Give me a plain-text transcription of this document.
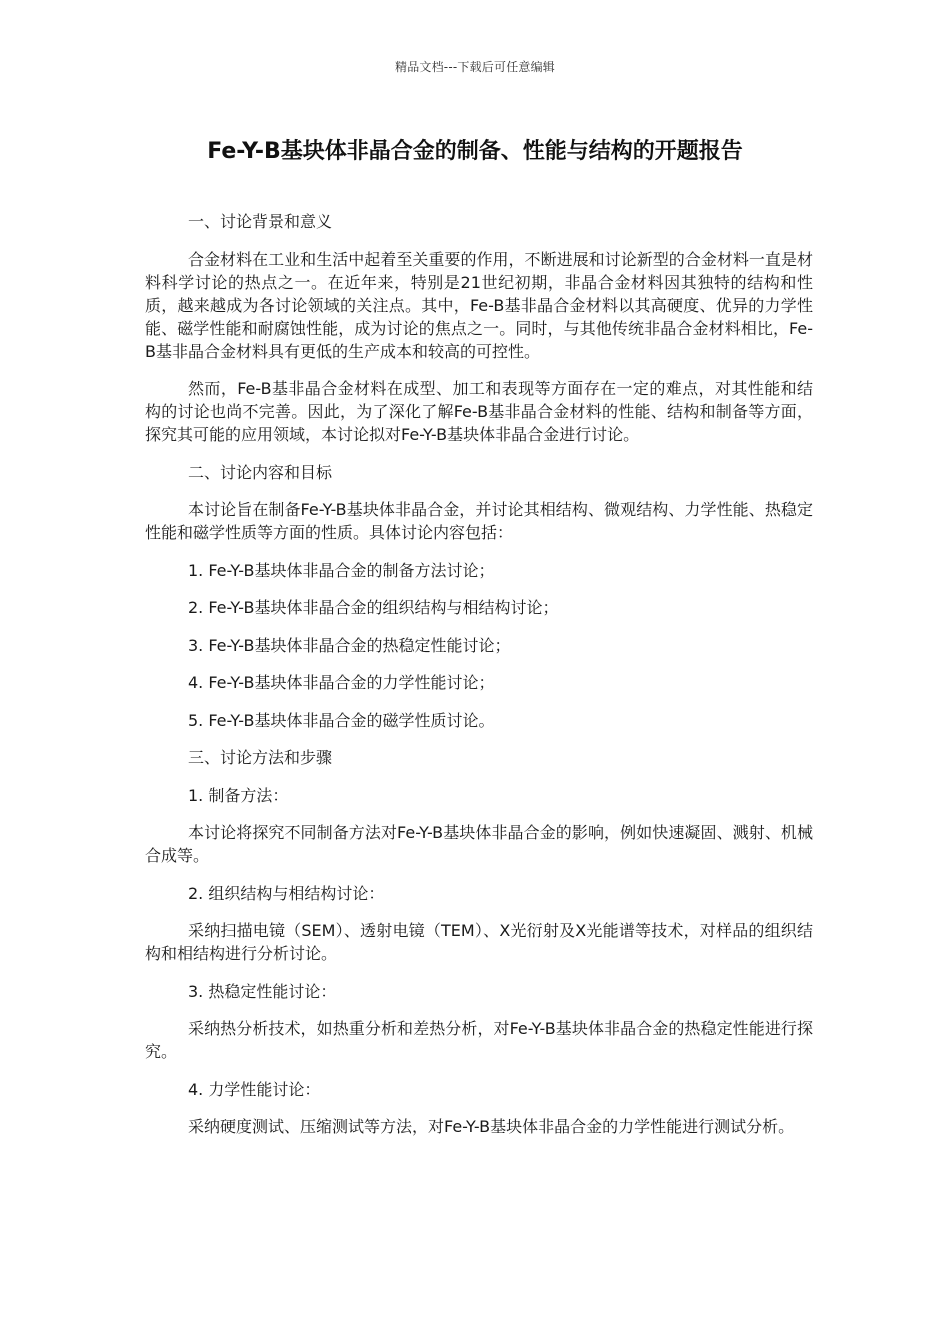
精品文档---下载后可任意编辑
Fe-Y-B基块体非晶合金的制备、性能与结构的开题报告

一、讨论背景和意义

合金材料在工业和生活中起着至关重要的作用，不断进展和讨论新型的合金材料一直是材料科学讨论的热点之一。在近年来，特别是21世纪初期，非晶合金材料因其独特的结构和性质，越来越成为各讨论领域的关注点。其中，Fe-B基非晶合金材料以其高硬度、优异的力学性能、磁学性能和耐腐蚀性能，成为讨论的焦点之一。同时，与其他传统非晶合金材料相比，Fe-B基非晶合金材料具有更低的生产成本和较高的可控性。

然而，Fe-B基非晶合金材料在成型、加工和表现等方面存在一定的难点，对其性能和结构的讨论也尚不完善。因此，为了深化了解Fe-B基非晶合金材料的性能、结构和制备等方面，探究其可能的应用领域，本讨论拟对Fe-Y-B基块体非晶合金进行讨论。

二、讨论内容和目标

本讨论旨在制备Fe-Y-B基块体非晶合金，并讨论其相结构、微观结构、力学性能、热稳定性能和磁学性质等方面的性质。具体讨论内容包括：

1. Fe-Y-B基块体非晶合金的制备方法讨论；

2. Fe-Y-B基块体非晶合金的组织结构与相结构讨论；

3. Fe-Y-B基块体非晶合金的热稳定性能讨论；

4. Fe-Y-B基块体非晶合金的力学性能讨论；

5. Fe-Y-B基块体非晶合金的磁学性质讨论。

三、讨论方法和步骤

1. 制备方法：

本讨论将探究不同制备方法对Fe-Y-B基块体非晶合金的影响，例如快速凝固、溅射、机械合成等。

2. 组织结构与相结构讨论：

采纳扫描电镜（SEM）、透射电镜（TEM）、X光衍射及X光能谱等技术，对样品的组织结构和相结构进行分析讨论。

3. 热稳定性能讨论：

采纳热分析技术，如热重分析和差热分析，对Fe-Y-B基块体非晶合金的热稳定性能进行探究。

4. 力学性能讨论：

采纳硬度测试、压缩测试等方法，对Fe-Y-B基块体非晶合金的力学性能进行测试分析。
